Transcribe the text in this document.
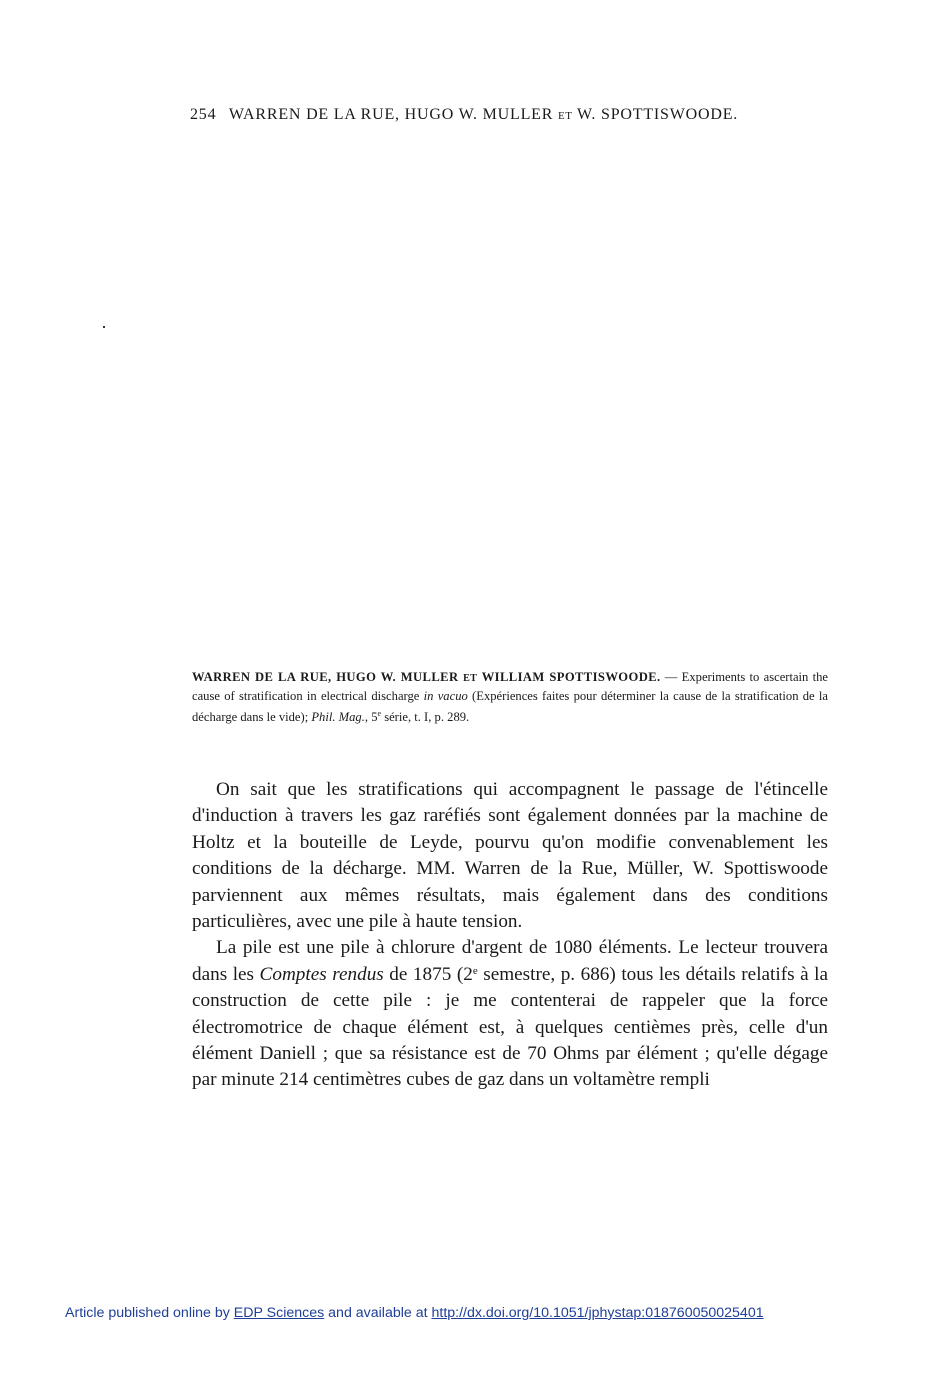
254 WARREN DE LA RUE, HUGO W. MULLER ET W. SPOTTISWOODE.
WARREN DE LA RUE, HUGO W. MULLER ET WILLIAM SPOTTISWOODE. — Experiments to ascertain the cause of stratification in electrical discharge in vacuo (Expériences faites pour déterminer la cause de la stratification de la décharge dans le vide); Phil. Mag., 5e série, t. I, p. 289.

On sait que les stratifications qui accompagnent le passage de l'étincelle d'induction à travers les gaz raréfiés sont également données par la machine de Holtz et la bouteille de Leyde, pourvu qu'on modifie convenablement les conditions de la décharge. MM. Warren de la Rue, Müller, W. Spottiswoode parviennent aux mêmes résultats, mais également dans des conditions particulières, avec une pile à haute tension.

La pile est une pile à chlorure d'argent de 1080 éléments. Le lecteur trouvera dans les Comptes rendus de 1875 (2e semestre, p. 686) tous les détails relatifs à la construction de cette pile : je me contenterai de rappeler que la force électromotrice de chaque élément est, à quelques centièmes près, celle d'un élément Daniell ; que sa résistance est de 70 Ohms par élément ; qu'elle dégage par minute 214 centimètres cubes de gaz dans un voltamètre rempli

Article published online by EDP Sciences and available at http://dx.doi.org/10.1051/jphystap:018760050025401
